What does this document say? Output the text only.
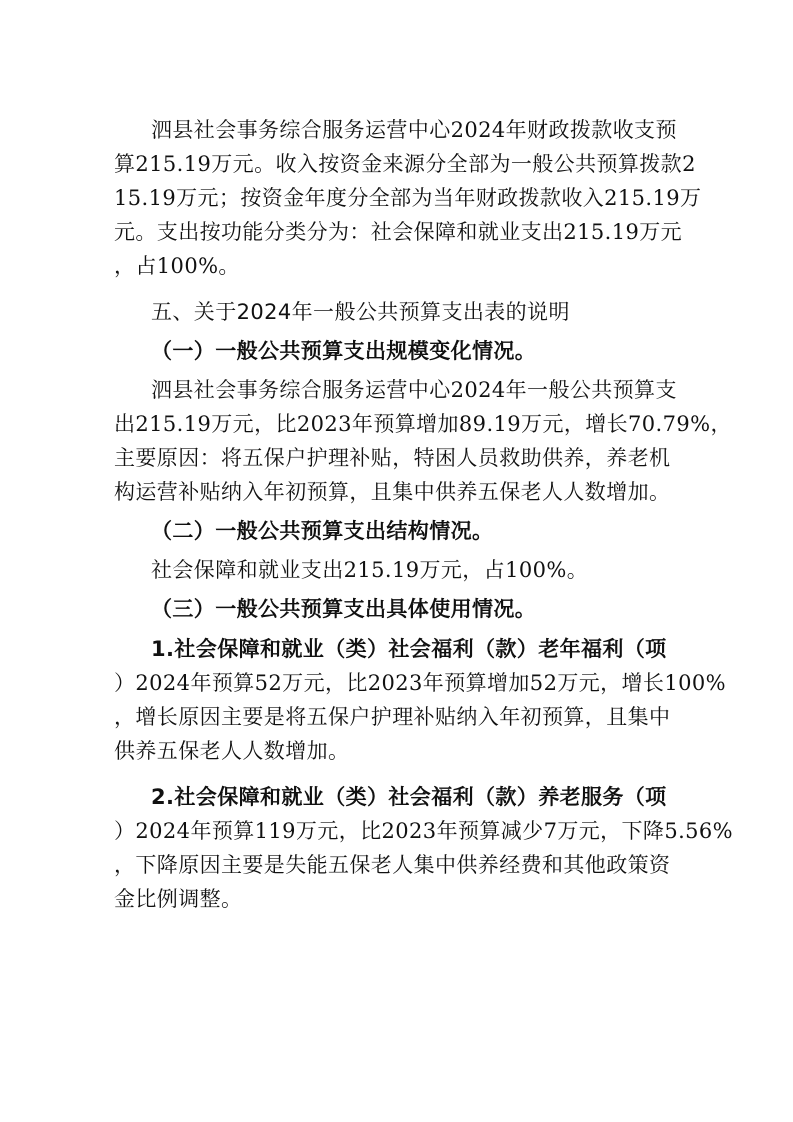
泗县社会事务综合服务运营中心2024年财政拨款收支预
算215.19万元。收入按资金来源分全部为一般公共预算拨款2
15.19万元；按资金年度分全部为当年财政拨款收入215.19万
元。支出按功能分类分为：社会保障和就业支出215.19万元
，占100%。
五、关于2024年一般公共预算支出表的说明
（一）一般公共预算支出规模变化情况。
泗县社会事务综合服务运营中心2024年一般公共预算支
出215.19万元，比2023年预算增加89.19万元，增长70.79%，
主要原因：将五保户护理补贴，特困人员救助供养，养老机
构运营补贴纳入年初预算，且集中供养五保老人人数增加。
（二）一般公共预算支出结构情况。
社会保障和就业支出215.19万元，占100%。
（三）一般公共预算支出具体使用情况。
1.社会保障和就业（类）社会福利（款）老年福利（项
）2024年预算52万元，比2023年预算增加52万元，增长100%
，增长原因主要是将五保户护理补贴纳入年初预算，且集中
供养五保老人人数增加。
2.社会保障和就业（类）社会福利（款）养老服务（项
）2024年预算119万元，比2023年预算减少7万元，下降5.56%
，下降原因主要是失能五保老人集中供养经费和其他政策资
金比例调整。
